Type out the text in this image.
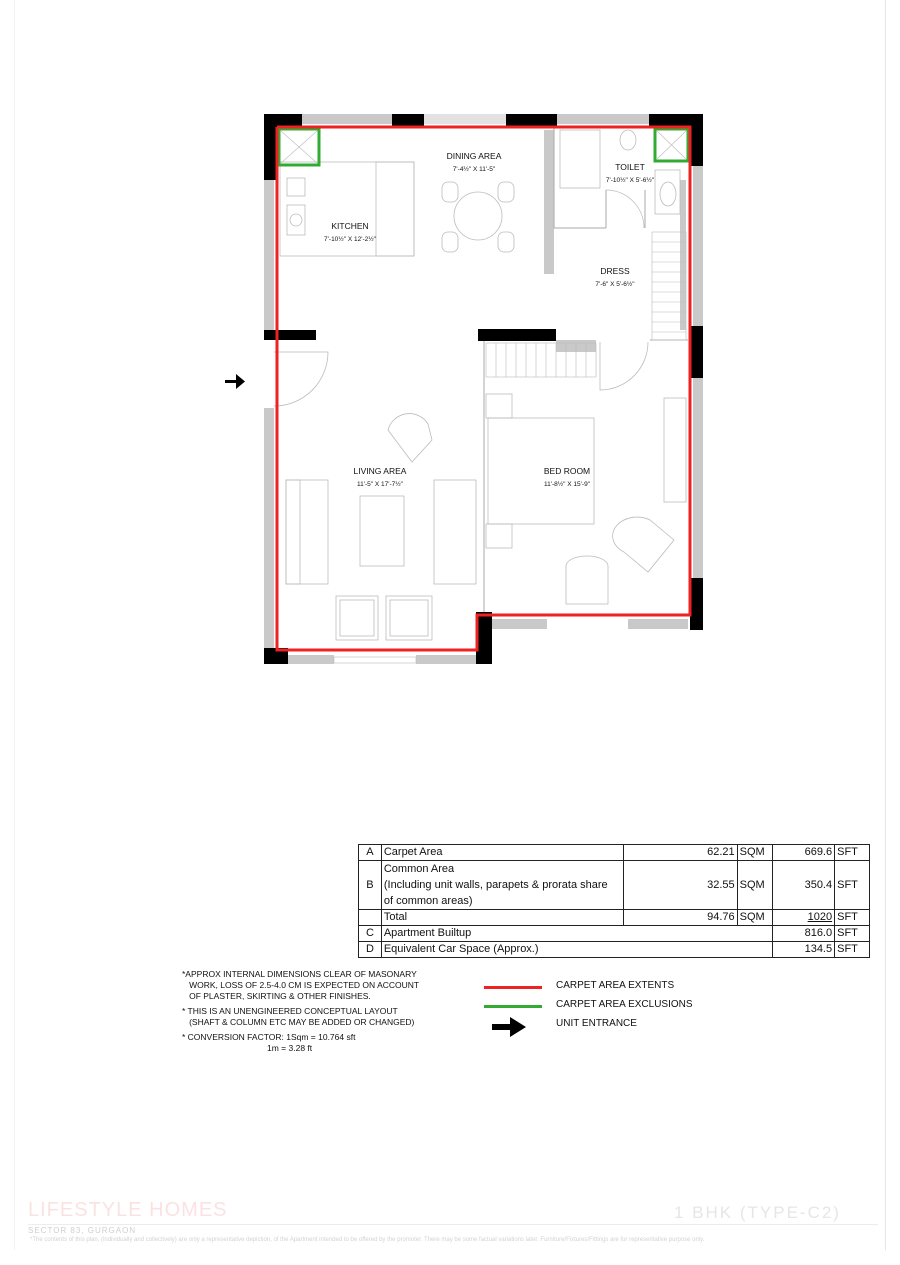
DINING AREA
7'-4½" X 11'-5"
KITCHEN
7'-10½" X 12'-2½"
TOILET
7'-10½" X 5'-6½"
DRESS
7'-6" X 5'-6½"
LIVING AREA
11'-5" X 17'-7½"
BED ROOM
11'-8½" X 15'-9"
A	Carpet Area	62.21	SQM	669.6	SFT
B	Common Area
(Including unit walls, parapets & prorata share
of common areas)	32.55	SQM	350.4	SFT
	Total	94.76	SQM	1020	SFT
C	Apartment Builtup			816.0	SFT
D	Equivalent Car Space (Approx.)			134.5	SFT

*APPROX INTERNAL DIMENSIONS CLEAR OF MASONARY
WORK, LOSS OF 2.5-4.0 CM IS EXPECTED ON ACCOUNT
OF PLASTER, SKIRTING & OTHER FINISHES.

* THIS IS AN UNENGINEERED CONCEPTUAL LAYOUT
(SHAFT & COLUMN ETC MAY BE ADDED OR CHANGED)

* CONVERSION FACTOR: 1Sqm = 10.764 sft
1m = 3.28 ft

CARPET AREA EXTENTS
CARPET AREA EXCLUSIONS
UNIT ENTRANCE
LIFESTYLE HOMES	1 BHK (TYPE-C2)
SECTOR 83, GURGAON
*The contents of this plan, (individually and collectively) are only a representative depiction, of the Apartment intended to be offered by the promoter. There may be some factual variations later. Furniture/Fixtures/Fittings are for representative purpose only.
